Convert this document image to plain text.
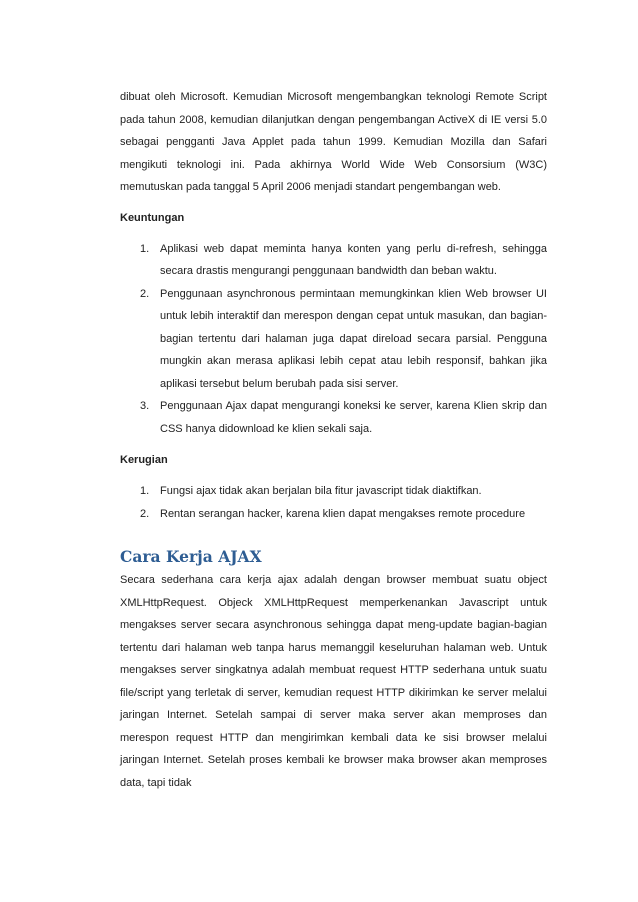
dibuat oleh Microsoft. Kemudian Microsoft mengembangkan teknologi Remote Script pada tahun 2008, kemudian dilanjutkan dengan pengembangan ActiveX di IE versi 5.0 sebagai pengganti Java Applet pada tahun 1999. Kemudian Mozilla dan Safari mengikuti teknologi ini. Pada akhirnya World Wide Web Consorsium (W3C) memutuskan pada tanggal 5 April 2006 menjadi standart pengembangan web.

Keuntungan
1. Aplikasi web dapat meminta hanya konten yang perlu di-refresh, sehingga secara drastis mengurangi penggunaan bandwidth dan beban waktu.
2. Penggunaan asynchronous permintaan memungkinkan klien Web browser UI untuk lebih interaktif dan merespon dengan cepat untuk masukan, dan bagian-bagian tertentu dari halaman juga dapat direload secara parsial. Pengguna mungkin akan merasa aplikasi lebih cepat atau lebih responsif, bahkan jika aplikasi tersebut belum berubah pada sisi server.
3. Penggunaan Ajax dapat mengurangi koneksi ke server, karena Klien skrip dan CSS hanya didownload ke klien sekali saja.
Kerugian
1. Fungsi ajax tidak akan berjalan bila fitur javascript tidak diaktifkan.
2. Rentan serangan hacker, karena klien dapat mengakses remote procedure
Cara Kerja AJAX

Secara sederhana cara kerja ajax adalah dengan browser membuat suatu object XMLHttpRequest. Objeck XMLHttpRequest memperkenankan Javascript untuk mengakses server secara asynchronous sehingga dapat meng-update bagian-bagian tertentu dari halaman web tanpa harus memanggil keseluruhan halaman web. Untuk mengakses server singkatnya adalah membuat request HTTP sederhana untuk suatu file/script yang terletak di server, kemudian request HTTP dikirimkan ke server melalui jaringan Internet. Setelah sampai di server maka server akan memproses dan merespon request HTTP dan mengirimkan kembali data ke sisi browser melalui jaringan Internet. Setelah proses kembali ke browser maka browser akan memproses data, tapi tidak
